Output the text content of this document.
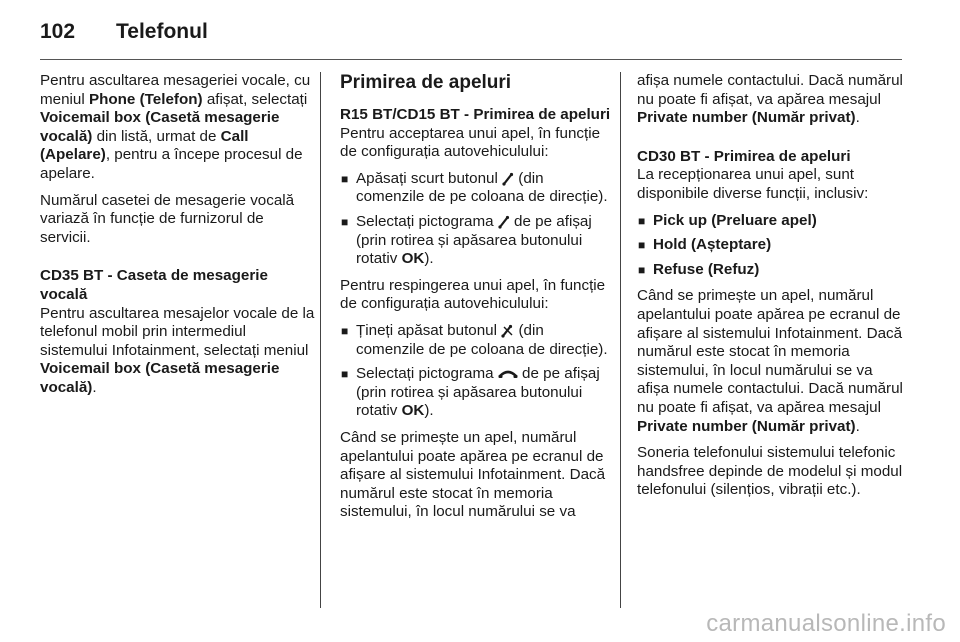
102 Telefonul

Pentru ascultarea mesageriei vocale, cu meniul Phone (Telefon) afișat, selectați Voicemail box (Casetă mesagerie vocală) din listă, urmat de Call (Apelare), pentru a începe procesul de apelare.

Numărul casetei de mesagerie vocală variază în funcție de furnizorul de servicii.

CD35 BT - Caseta de mesagerie vocală

Pentru ascultarea mesajelor vocale de la telefonul mobil prin intermediul sistemului Infotainment, selectați meniul Voicemail box (Casetă mesagerie vocală).

Primirea de apeluri

R15 BT/CD15 BT - Primirea de apeluri

Pentru acceptarea unui apel, în funcție de configurația autovehiculului:

■ Apăsați scurt butonul  (din comenzile de pe coloana de direcție).
■ Selectați pictograma  de pe afișaj (prin rotirea și apăsarea butonului rotativ OK).

Pentru respingerea unui apel, în funcție de configurația autovehiculului:

■ Țineți apăsat butonul  (din comenzile de pe coloana de direcție).
■ Selectați pictograma  de pe afișaj (prin rotirea și apăsarea butonului rotativ OK).

Când se primește un apel, numărul apelantului poate apărea pe ecranul de afișare al sistemului Infotainment. Dacă numărul este stocat în memoria sistemului, în locul numărului se va

afișa numele contactului. Dacă numărul nu poate fi afișat, va apărea mesajul Private number (Număr privat).

CD30 BT - Primirea de apeluri

La recepționarea unui apel, sunt disponibile diverse funcții, inclusiv:

■ Pick up (Preluare apel)
■ Hold (Așteptare)
■ Refuse (Refuz)

Când se primește un apel, numărul apelantului poate apărea pe ecranul de afișare al sistemului Infotainment. Dacă numărul este stocat în memoria sistemului, în locul numărului se va afișa numele contactului. Dacă numărul nu poate fi afișat, va apărea mesajul Private number (Număr privat).

Soneria telefonului sistemului telefonic handsfree depinde de modelul și modul telefonului (silențios, vibrații etc.).

carmanualsonline.info
